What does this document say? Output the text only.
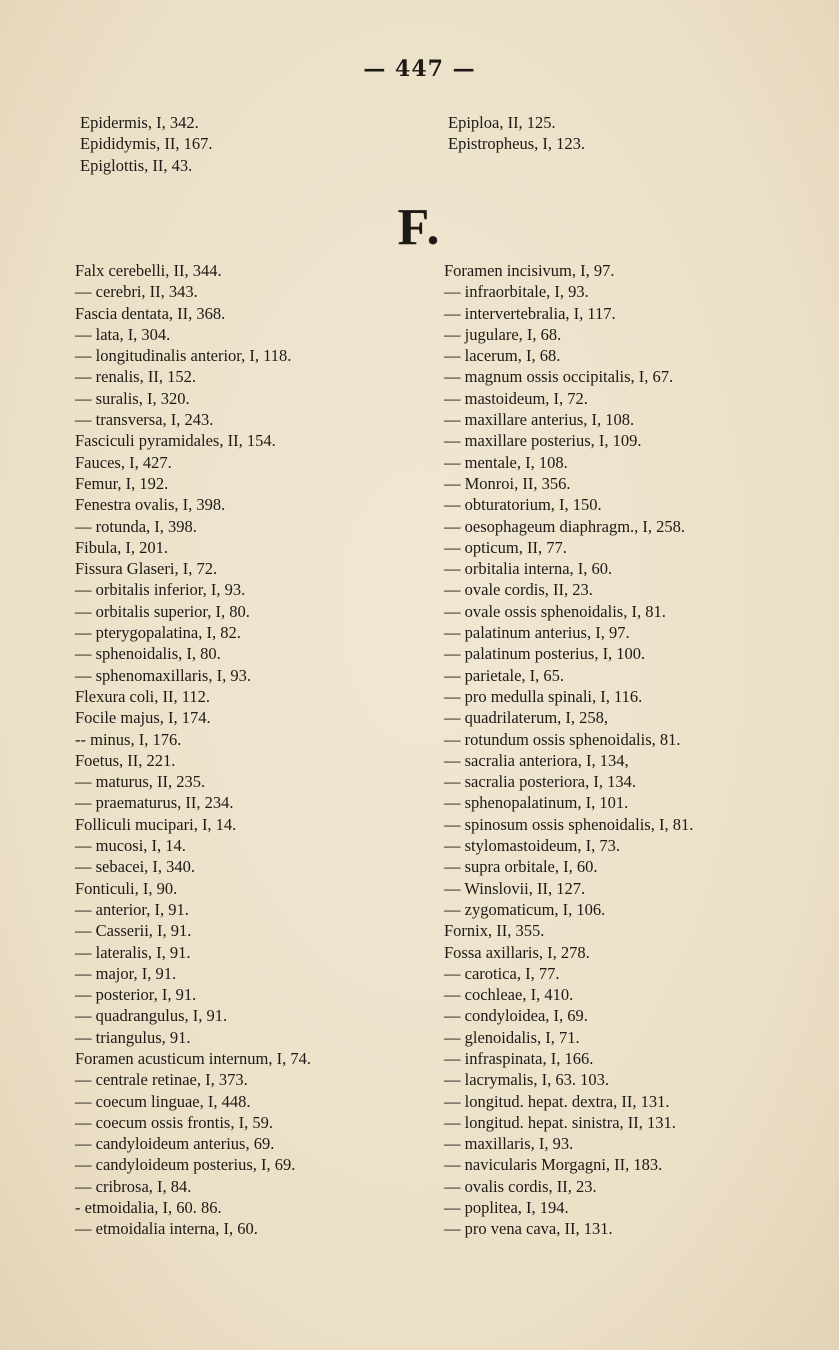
— 447 —
Epidermis, I, 342.
Epididymis, II, 167.
Epiglottis, II, 43.
Epiploa, II, 125.
Epistropheus, I, 123.
F.
Falx cerebelli, II, 344.
— cerebri, II, 343.
Fascia dentata, II, 368.
— lata, I, 304.
— longitudinalis anterior, I, 118.
— renalis, II, 152.
— suralis, I, 320.
— transversa, I, 243.
Fasciculi pyramidales, II, 154.
Fauces, I, 427.
Femur, I, 192.
Fenestra ovalis, I, 398.
— rotunda, I, 398.
Fibula, I, 201.
Fissura Glaseri, I, 72.
— orbitalis inferior, I, 93.
— orbitalis superior, I, 80.
— pterygopalatina, I, 82.
— sphenoidalis, I, 80.
— sphenomaxillaris, I, 93.
Flexura coli, II, 112.
Focile majus, I, 174.
-- minus, I, 176.
Foetus, II, 221.
— maturus, II, 235.
— praematurus, II, 234.
Folliculi mucipari, I, 14.
— mucosi, I, 14.
— sebacei, I, 340.
Fonticuli, I, 90.
— anterior, I, 91.
— Casserii, I, 91.
— lateralis, I, 91.
— major, I, 91.
— posterior, I, 91.
— quadrangulus, I, 91.
— triangulus, 91.
Foramen acusticum internum, I, 74.
— centrale retinae, I, 373.
— coecum linguae, I, 448.
— coecum ossis frontis, I, 59.
— candyloideum anterius, 69.
— candyloideum posterius, I, 69.
— cribrosa, I, 84.
- etmoidalia, I, 60. 86.
— etmoidalia interna, I, 60.
Foramen incisivum, I, 97.
— infraorbitale, I, 93.
— intervertebralia, I, 117.
— jugulare, I, 68.
— lacerum, I, 68.
— magnum ossis occipitalis, I, 67.
— mastoideum, I, 72.
— maxillare anterius, I, 108.
— maxillare posterius, I, 109.
— mentale, I, 108.
— Monroi, II, 356.
— obturatorium, I, 150.
— oesophageum diaphragm., I, 258.
— opticum, II, 77.
— orbitalia interna, I, 60.
— ovale cordis, II, 23.
— ovale ossis sphenoidalis, I, 81.
— palatinum anterius, I, 97.
— palatinum posterius, I, 100.
— parietale, I, 65.
— pro medulla spinali, I, 116.
— quadrilaterum, I, 258,
— rotundum ossis sphenoidalis, 81.
— sacralia anteriora, I, 134,
— sacralia posteriora, I, 134.
— sphenopalatinum, I, 101.
— spinosum ossis sphenoidalis, I, 81.
— stylomastoideum, I, 73.
— supra orbitale, I, 60.
— Winslovii, II, 127.
— zygomaticum, I, 106.
Fornix, II, 355.
Fossa axillaris, I, 278.
— carotica, I, 77.
— cochleae, I, 410.
— condyloidea, I, 69.
— glenoidalis, I, 71.
— infraspinata, I, 166.
— lacrymalis, I, 63. 103.
— longitud. hepat. dextra, II, 131.
— longitud. hepat. sinistra, II, 131.
— maxillaris, I, 93.
— navicularis Morgagni, II, 183.
— ovalis cordis, II, 23.
— poplitea, I, 194.
— pro vena cava, II, 131.
